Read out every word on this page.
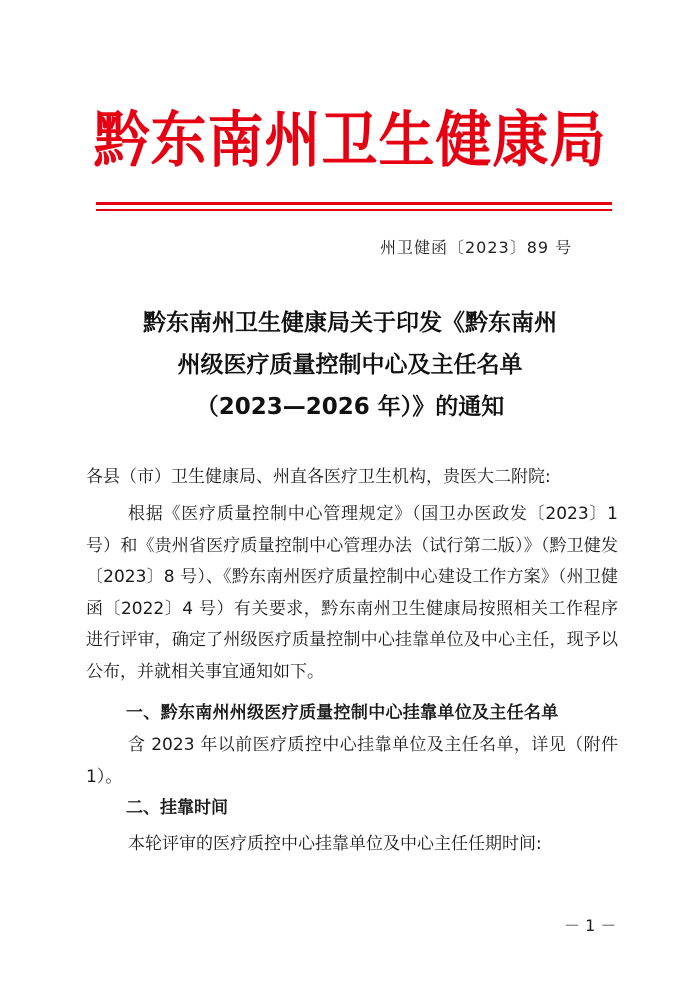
黔东南州卫生健康局
州卫健函〔2023〕89 号
黔东南州卫生健康局关于印发《黔东南州
州级医疗质量控制中心及主任名单
（2023—2026 年）》的通知
各县（市）卫生健康局、州直各医疗卫生机构，贵医大二附院:
根据《医疗质量控制中心管理规定》（国卫办医政发〔2023〕1 号）和《贵州省医疗质量控制中心管理办法（试行第二版）》（黔卫健发〔2023〕8 号）、《黔东南州医疗质量控制中心建设工作方案》（州卫健函〔2022〕4 号）有关要求，黔东南州卫生健康局按照相关工作程序进行评审，确定了州级医疗质量控制中心挂靠单位及中心主任，现予以公布，并就相关事宜通知如下。
一、黔东南州州级医疗质量控制中心挂靠单位及主任名单
含 2023 年以前医疗质控中心挂靠单位及主任名单，详见（附件 1）。
二、挂靠时间
本轮评审的医疗质控中心挂靠单位及中心主任任期时间:
－ 1 －
